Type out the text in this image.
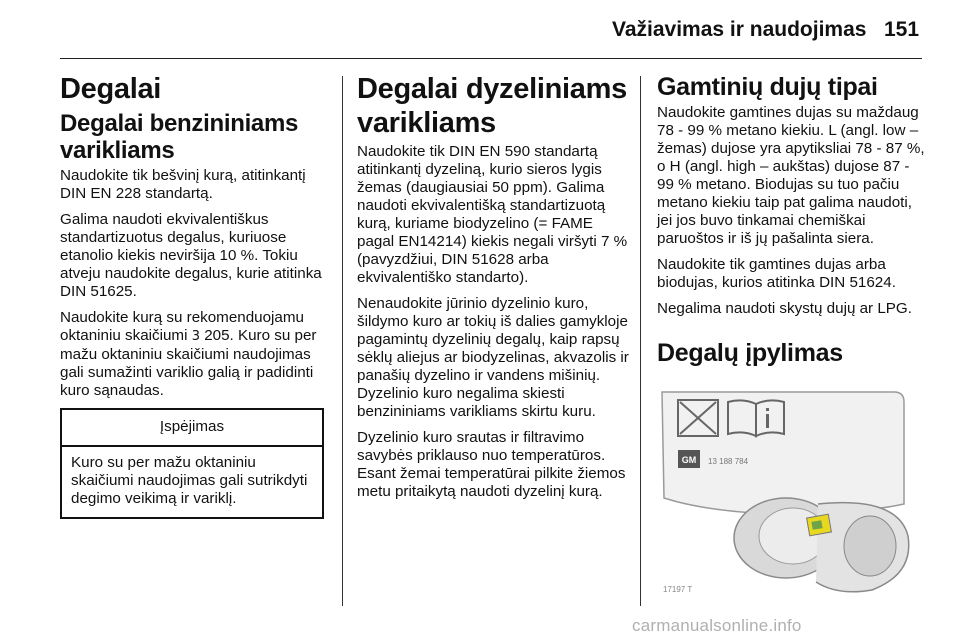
Važiavimas ir naudojimas 151
Degalai
Degalai benzininiams varikliams

Naudokite tik bešvinį kurą, atitinkantį DIN EN 228 standartą.

Galima naudoti ekvivalentiškus standartizuotus degalus, kuriuose etanolio kiekis neviršija 10 %. Tokiu atveju naudokite degalus, kurie atitinka DIN 51625.

Naudokite kurą su rekomenduojamu oktaniniu skaičiumi 3 205. Kuro su per mažu oktaniniu skaičiumi naudojimas gali sumažinti variklio galią ir padidinti kuro sąnaudas.

Įspėjimas
Kuro su per mažu oktaniniu skaičiumi naudojimas gali sutrikdyti degimo veikimą ir variklį.
Degalai dyzeliniams varikliams

Naudokite tik DIN EN 590 standartą atitinkantį dyzeliną, kurio sieros lygis žemas (daugiausiai 50 ppm). Galima naudoti ekvivalentišką standartizuotą kurą, kuriame biodyzelino (= FAME pagal EN14214) kiekis negali viršyti 7 % (pavyzdžiui, DIN 51628 arba ekvivalentiško standarto).

Nenaudokite jūrinio dyzelinio kuro, šildymo kuro ar tokių iš dalies gamykloje pagamintų dyzelinių degalų, kaip rapsų sėklų aliejus ar biodyzelinas, akvazolis ir panašių dyzelino ir vandens mišinių. Dyzelinio kuro negalima skiesti benzininiams varikliams skirtu kuru.

Dyzelinio kuro srautas ir filtravimo savybės priklauso nuo temperatūros. Esant žemai temperatūrai pilkite žiemos metu pritaikytą naudoti dyzelinį kurą.

Gamtinių dujų tipai

Naudokite gamtines dujas su maždaug 78 - 99 % metano kiekiu. L (angl. low – žemas) dujose yra apytiksliai 78 - 87 %, o H (angl. high – aukštas) dujose 87 - 99 % metano. Biodujas su tuo pačiu metano kiekiu taip pat galima naudoti, jei jos buvo tinkamai chemiškai paruoštos ir iš jų pašalinta siera.

Naudokite tik gamtines dujas arba biodujas, kurios atitinka DIN 51624.

Negalima naudoti skystų dujų ar LPG.

Degalų įpylimas
GM 13 188 784
17197 T
carmanualsonline.info
